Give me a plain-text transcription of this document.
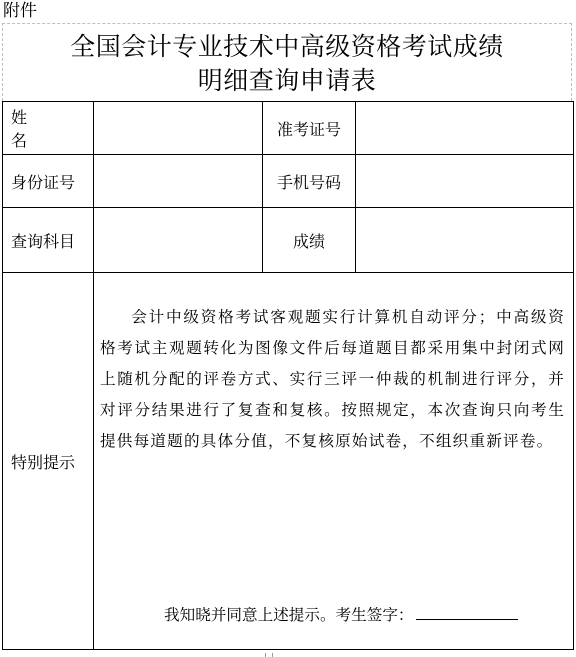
附件
全国会计专业技术中高级资格考试成绩
明细查询申请表
姓名		准考证号	
身份证号		手机号码	
查询科目		成绩	
特别提示	会计中级资格考试客观题实行计算机自动评分；中高级资格考试主观题转化为图像文件后每道题目都采用集中封闭式网上随机分配的评卷方式、实行三评一仲裁的机制进行评分，并对评分结果进行了复查和复核。按照规定，本次查询只向考生提供每道题的具体分值，不复核原始试卷，不组织重新评卷。
我知晓并同意上述提示。考生签字：		
